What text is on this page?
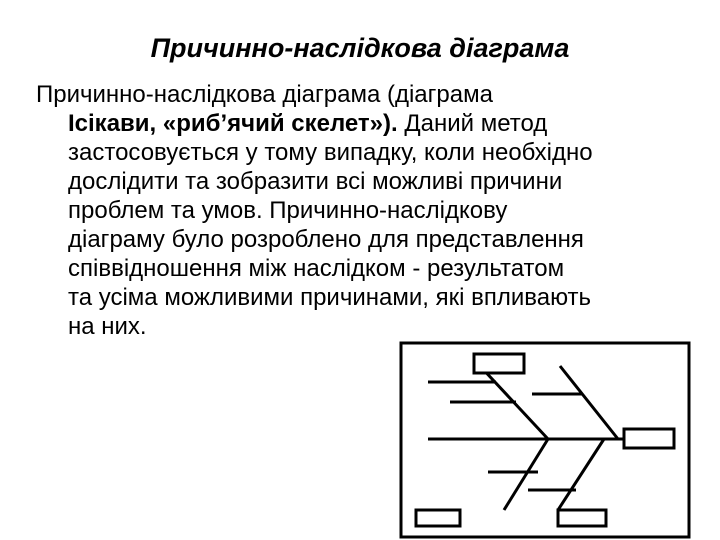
Причинно-наслідкова діаграма
Причинно-наслідкова діаграма (діаграма
Ісікави, «риб’ячий скелет»). Даний метод
застосовується у тому випадку, коли необхідно
дослідити та зобразити всі можливі причини
проблем та умов. Причинно-наслідкову
діаграму було розроблено для представлення
співвідношення між наслідком - результатом
та усіма можливими причинами, які впливають
на них.
